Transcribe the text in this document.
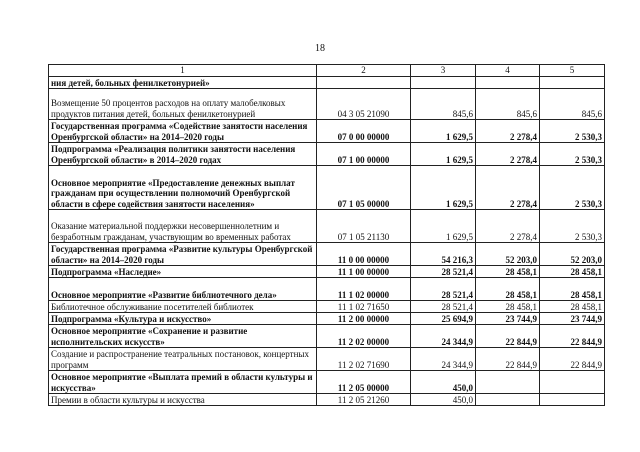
18
1	2	3	4	5
ния детей, больных фенилкетонурией»				
Возмещение 50 процентов расходов на оплату малобелковых продуктов питания детей, больных фенилкетонурией	04 3 05 21090	845,6	845,6	845,6
Государственная программа «Содействие занятости населения Оренбургской области» на 2014–2020 годы	07 0 00 00000	1 629,5	2 278,4	2 530,3
Подпрограмма «Реализация политики занятости населения Оренбургской области» в 2014–2020 годах	07 1 00 00000	1 629,5	2 278,4	2 530,3
Основное мероприятие «Предоставление денежных выплат гражданам при осуществлении полномочий Оренбургской области в сфере содействия занятости населения»	07 1 05 00000	1 629,5	2 278,4	2 530,3
Оказание материальной поддержки несовершеннолетним и безработным гражданам, участвующим во временных работах	07 1 05 21130	1 629,5	2 278,4	2 530,3
Государственная программа «Развитие культуры Оренбургской области» на 2014–2020 годы	11 0 00 00000	54 216,3	52 203,0	52 203,0
Подпрограмма «Наследие»	11 1 00 00000	28 521,4	28 458,1	28 458,1
Основное мероприятие «Развитие библиотечного дела»	11 1 02 00000	28 521,4	28 458,1	28 458,1
Библиотечное обслуживание посетителей библиотек	11 1 02 71650	28 521,4	28 458,1	28 458,1
Подпрограмма «Культура и искусство»	11 2 00 00000	25 694,9	23 744,9	23 744,9
Основное мероприятие «Сохранение и развитие исполнительских искусств»	11 2 02 00000	24 344,9	22 844,9	22 844,9
Создание и распространение театральных постановок, концертных программ	11 2 02 71690	24 344,9	22 844,9	22 844,9
Основное мероприятие «Выплата премий в области культуры и искусства»	11 2 05 00000	450,0		
Премии в области культуры и искусства	11 2 05 21260	450,0		
